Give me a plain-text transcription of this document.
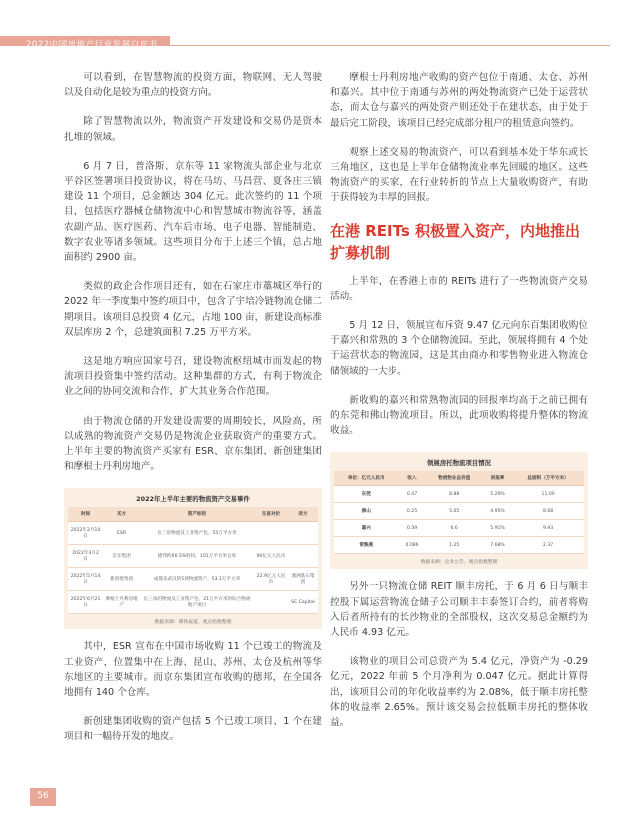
2022中国房地产行业发展白皮书

可以看到，在智慧物流的投资方面，物联网、无人驾驶以及自动化是较为重点的投资方向。

除了智慧物流以外，物流资产开发建设和交易仍是资本扎堆的领域。

6 月 7 日，普洛斯、京东等 11 家物流头部企业与北京平谷区签署项目投资协议，将在马坊、马昌营、夏各庄三镇建设 11 个项目，总金额达 304 亿元。此次签约的 11 个项目，包括医疗器械仓储物流中心和智慧城市物流谷等，涵盖农副产品、医疗医药、汽车后市场、电子电器、智能制造、数字农业等诸多领域。这些项目分布于上述三个镇，总占地面积约 2900 亩。

类似的政企合作项目还有，如在石家庄市藁城区举行的 2022 年一季度集中签约项目中，包含了宇培冷链物流仓储二期项目。该项目总投资 4 亿元，占地 100 亩，新建设高标准双层库房 2 个，总建筑面积 7.25 万平方米。

这是地方响应国家号召，建设物流枢纽城市而发起的物流项目投资集中签约活动。这种集群的方式，有利于物流企业之间的协同交流和合作，扩大其业务合作范围。

由于物流仓储的开发建设需要的周期较长，风险高，所以成熟的物流资产交易仍是物流企业获取资产的重要方式。上半年主要的物流资产买家有 ESR、京东集团、新创建集团和摩根士丹利房地产。

2022年上半年主要的物流资产交易事件
时间	买方	资产标的	交易对价	卖方
2022年2月10日	ESR	在三角物流及工业资产包，55万平方米		
2022年3月2日	京东集团	德邦约66.5%股权，101万平方米仓库	90亿元人民币	
2022年5月14日	新创建集团	成都及武汉的5项物流资产，53.1万平方米	22.9亿元人民币	澳洲基石集团
2022年6月21日	摩根士丹利房地产	长三角的物流及工业资产包，21万平方米的综合物流地产项目		SC Capital
数据来源：媒体报道、观点指数整理

其中，ESR 宣布在中国市场收购 11 个已竣工的物流及工业资产，位置集中在上海、昆山、苏州、太仓及杭州等华东地区的主要城市。而京东集团宣布收购的德邦，在全国各地拥有 140 个仓库。

新创建集团收购的资产包括 5 个已竣工项目、1 个在建项目和一幅待开发的地皮。

摩根士丹利房地产收购的资产包位于南通、太仓、苏州和嘉兴。其中位于南通与苏州的两处物流资产已处于运营状态，而太仓与嘉兴的两处资产则还处于在建状态，由于处于最后完工阶段，该项目已经完成部分租户的租赁意向签约。

观察上述交易的物流资产，可以看到基本处于华东或长三角地区，这也是上半年仓储物流业率先回暖的地区。这些物流资产的买家，在行业转折的节点上大量收购资产，有助于获得较为丰厚的回报。

在港 REITs 积极置入资产，内地推出扩募机制

上半年，在香港上市的 REITs 进行了一些物流资产交易活动。

5 月 12 日，领展宣布斥资 9.47 亿元向东百集团收购位于嘉兴和常熟的 3 个仓储物流园。至此，领展将拥有 4 个处于运营状态的物流园，这是其由商办和零售物业进入物流仓储领域的一大步。

新收购的嘉兴和常熟物流园的回报率均高于之前已拥有的东莞和佛山物流项目。所以，此项收购将提升整体的物流收益。

领展房托物流项目情况
单位：亿元人民币	收入	物流物业总价值	回报率	总面积（万平方米）
东莞	0.47	8.88	5.29%	11.00
佛山	0.25	5.05	4.95%	8.68
嘉兴	0.39	6.6	5.91%	9.93
常熟燕	0.086	1.25	7.68%	2.37
数据来源：企业公告、观点指数整理

另外一只物流仓储 REIT 顺丰房托，于 6 月 6 日与顺丰控股下属运营物流仓储子公司顺丰丰泰签订合约，前者将购入后者所持有的长沙物业的全部股权，这次交易总金额约为人民币 4.93 亿元。

该物业的项目公司总资产为 5.4 亿元，净资产为 -0.29 亿元，2022 年前 5 个月净利为 0.047 亿元。据此计算得出，该项目公司的年化收益率约为 2.08%，低于顺丰房托整体的收益率 2.65%。预计该交易会拉低顺丰房托的整体收益。

56
